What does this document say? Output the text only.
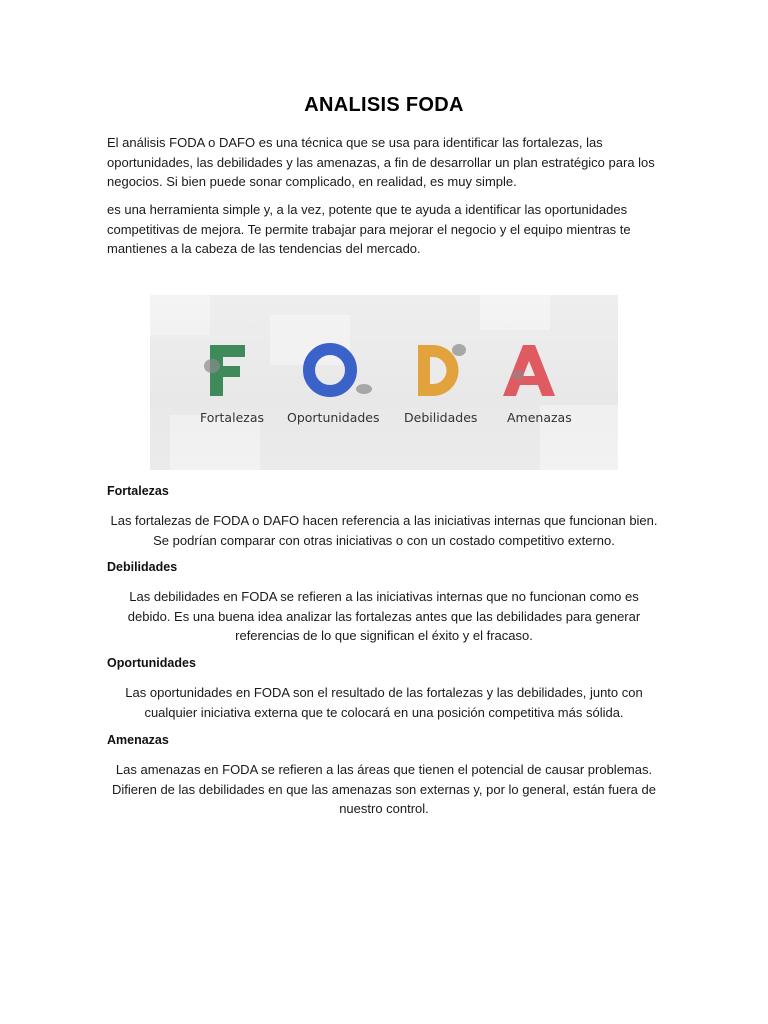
ANALISIS FODA

El análisis FODA o DAFO es una técnica que se usa para identificar las fortalezas, las oportunidades, las debilidades y las amenazas, a fin de desarrollar un plan estratégico para los negocios. Si bien puede sonar complicado, en realidad, es muy simple.

es una herramienta simple y, a la vez, potente que te ayuda a identificar las oportunidades competitivas de mejora. Te permite trabajar para mejorar el negocio y el equipo mientras te mantienes a la cabeza de las tendencias del mercado.

Fortalezas Oportunidades Debilidades Amenazas
Fortalezas

Las fortalezas de FODA o DAFO hacen referencia a las iniciativas internas que funcionan bien. Se podrían comparar con otras iniciativas o con un costado competitivo externo.

Debilidades

Las debilidades en FODA se refieren a las iniciativas internas que no funcionan como es debido. Es una buena idea analizar las fortalezas antes que las debilidades para generar referencias de lo que significan el éxito y el fracaso.

Oportunidades

Las oportunidades en FODA son el resultado de las fortalezas y las debilidades, junto con cualquier iniciativa externa que te colocará en una posición competitiva más sólida.

Amenazas

Las amenazas en FODA se refieren a las áreas que tienen el potencial de causar problemas. Difieren de las debilidades en que las amenazas son externas y, por lo general, están fuera de nuestro control.
